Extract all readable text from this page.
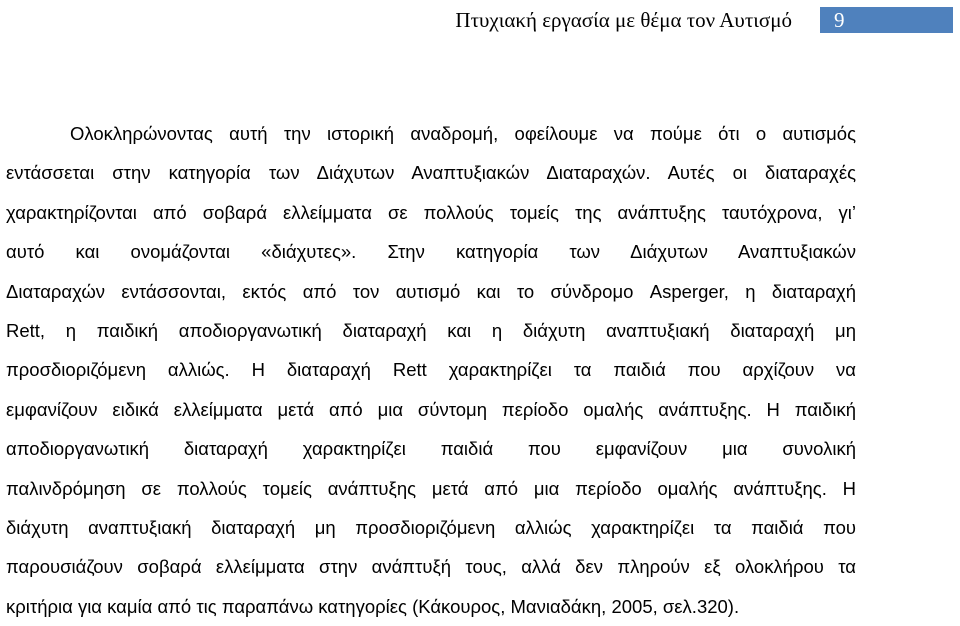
Πτυχιακή εργασία με θέμα τον Αυτισμό 9
Ολοκληρώνοντας αυτή την ιστορική αναδρομή, οφείλουμε να πούμε ότι ο αυτισμός
εντάσσεται στην κατηγορία των Διάχυτων Αναπτυξιακών Διαταραχών. Αυτές οι διαταραχές
χαρακτηρίζονται από σοβαρά ελλείμματα σε πολλούς τομείς της ανάπτυξης ταυτόχρονα, γι’
αυτό και ονομάζονται «διάχυτες». Στην κατηγορία των Διάχυτων Αναπτυξιακών
Διαταραχών εντάσσονται, εκτός από τον αυτισμό και το σύνδρομο Asperger, η διαταραχή
Rett, η παιδική αποδιοργανωτική διαταραχή και η διάχυτη αναπτυξιακή διαταραχή μη
προσδιοριζόμενη αλλιώς. Η διαταραχή Rett χαρακτηρίζει τα παιδιά που αρχίζουν να
εμφανίζουν ειδικά ελλείμματα μετά από μια σύντομη περίοδο ομαλής ανάπτυξης. Η παιδική
αποδιοργανωτική διαταραχή χαρακτηρίζει παιδιά που εμφανίζουν μια συνολική
παλινδρόμηση σε πολλούς τομείς ανάπτυξης μετά από μια περίοδο ομαλής ανάπτυξης. Η
διάχυτη αναπτυξιακή διαταραχή μη προσδιοριζόμενη αλλιώς χαρακτηρίζει τα παιδιά που
παρουσιάζουν σοβαρά ελλείμματα στην ανάπτυξή τους, αλλά δεν πληρούν εξ ολοκλήρου τα
κριτήρια για καμία από τις παραπάνω κατηγορίες (Κάκουρος, Μανιαδάκη, 2005, σελ.320).
